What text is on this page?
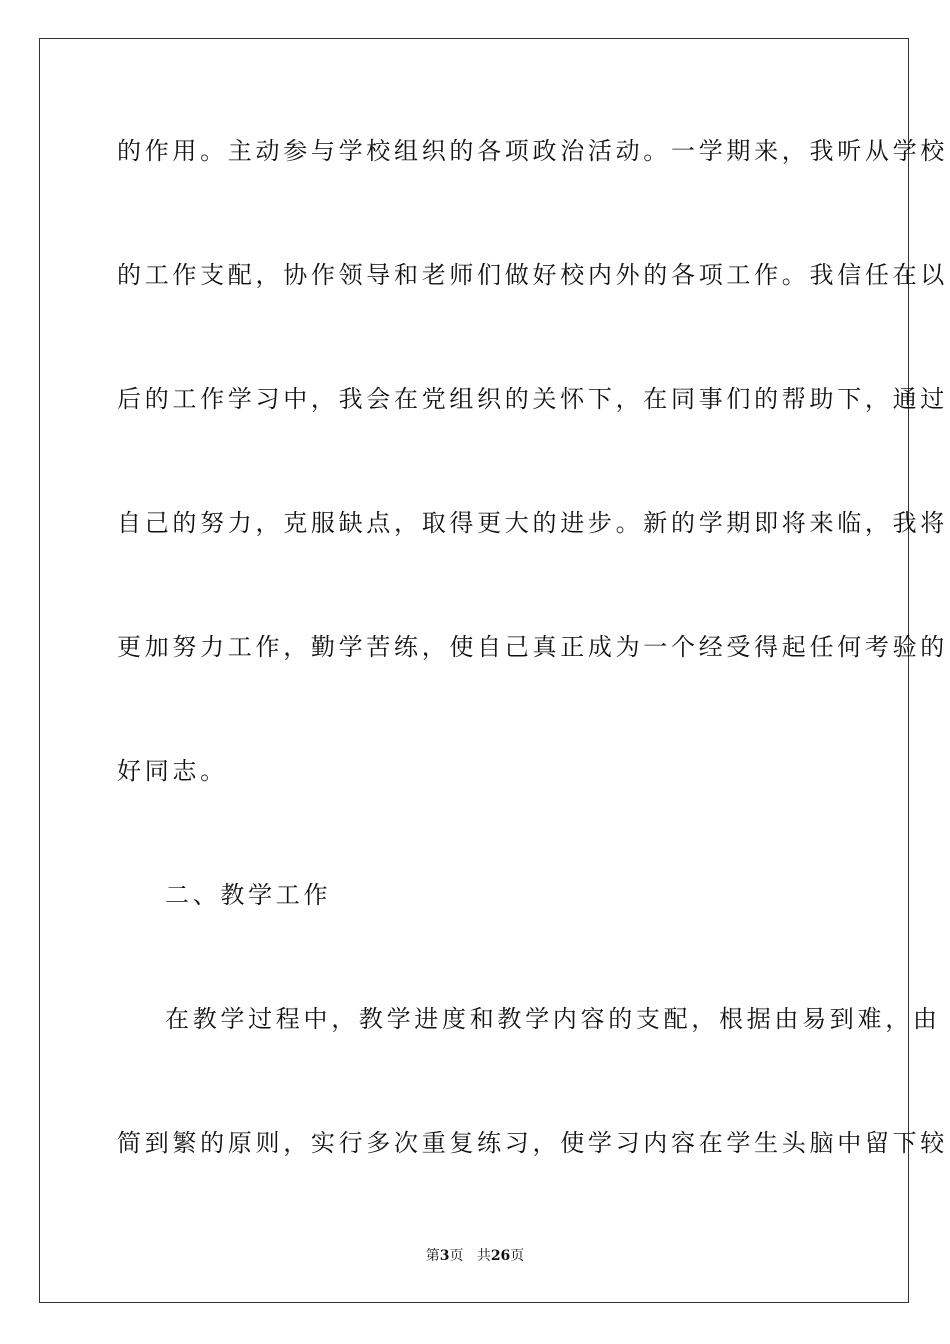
的作用。主动参与学校组织的各项政治活动。一学期来，我听从学校
的工作支配，协作领导和老师们做好校内外的各项工作。我信任在以
后的工作学习中，我会在党组织的关怀下，在同事们的帮助下，通过
自己的努力，克服缺点，取得更大的进步。新的学期即将来临，我将
更加努力工作，勤学苦练，使自己真正成为一个经受得起任何考验的
好同志。
二、教学工作
在教学过程中，教学进度和教学内容的支配，根据由易到难，由
简到繁的原则，实行多次重复练习，使学习内容在学生头脑中留下较
第3页 共26页
